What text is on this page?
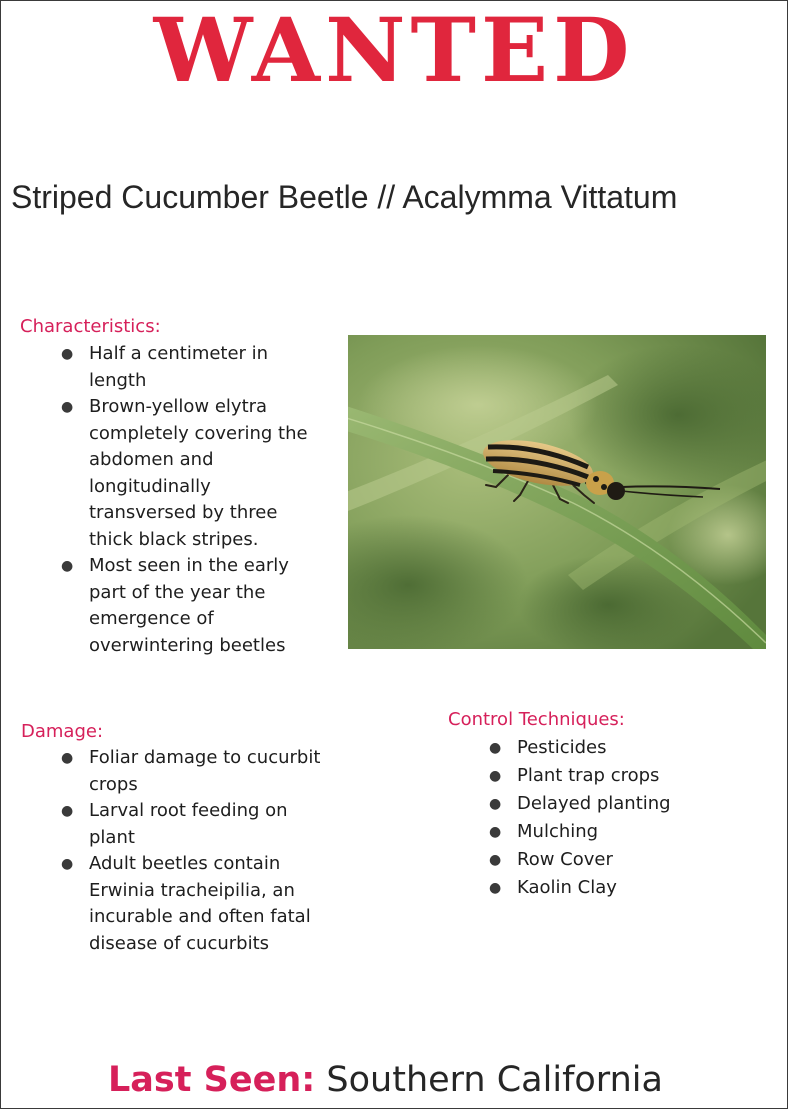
WANTED
Striped Cucumber Beetle // Acalymma Vittatum
Characteristics:
● Half a centimeter in length
● Brown-yellow elytra completely covering the abdomen and longitudinally transversed by three thick black stripes.
● Most seen in the early part of the year the emergence of overwintering beetles
Damage:
● Foliar damage to cucurbit crops
● Larval root feeding on plant
● Adult beetles contain Erwinia tracheipilia, an incurable and often fatal disease of cucurbits
Control Techniques:
● Pesticides
● Plant trap crops
● Delayed planting
● Mulching
● Row Cover
● Kaolin Clay
Last Seen: Southern California
